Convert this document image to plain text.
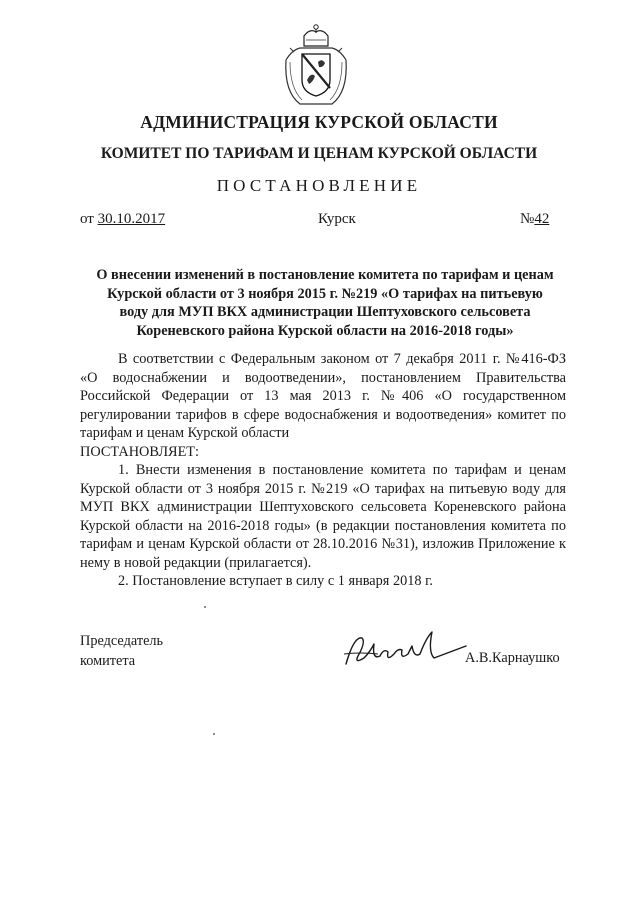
АДМИНИСТРАЦИЯ КУРСКОЙ ОБЛАСТИ
КОМИТЕТ ПО ТАРИФАМ И ЦЕНАМ КУРСКОЙ ОБЛАСТИ
ПОСТАНОВЛЕНИЕ
от 30.10.2017	Курск	№42
О внесении изменений в постановление комитета по тарифам и ценам
Курской области от 3 ноября 2015 г. №219 «О тарифах на питьевую
воду для МУП ВКХ администрации Шептуховского сельсовета
Кореневского района Курской области на 2016-2018 годы»

В соответствии с Федеральным законом от 7 декабря 2011 г. №416-ФЗ «О водоснабжении и водоотведении», постановлением Правительства Российской Федерации от 13 мая 2013 г. №406 «О государственном регулировании тарифов в сфере водоснабжения и водоотведения» комитет по тарифам и ценам Курской области

ПОСТАНОВЛЯЕТ:

1. Внести изменения в постановление комитета по тарифам и ценам Курской области от 3 ноября 2015 г. №219 «О тарифах на питьевую воду для МУП ВКХ администрации Шептуховского сельсовета Кореневского района Курской области на 2016-2018 годы» (в редакции постановления комитета по тарифам и ценам Курской области от 28.10.2016 №31), изложив Приложение к нему в новой редакции (прилагается).

2. Постановление вступает в силу с 1 января 2018 г.

Председатель
комитета	А.В.Карнаушко
